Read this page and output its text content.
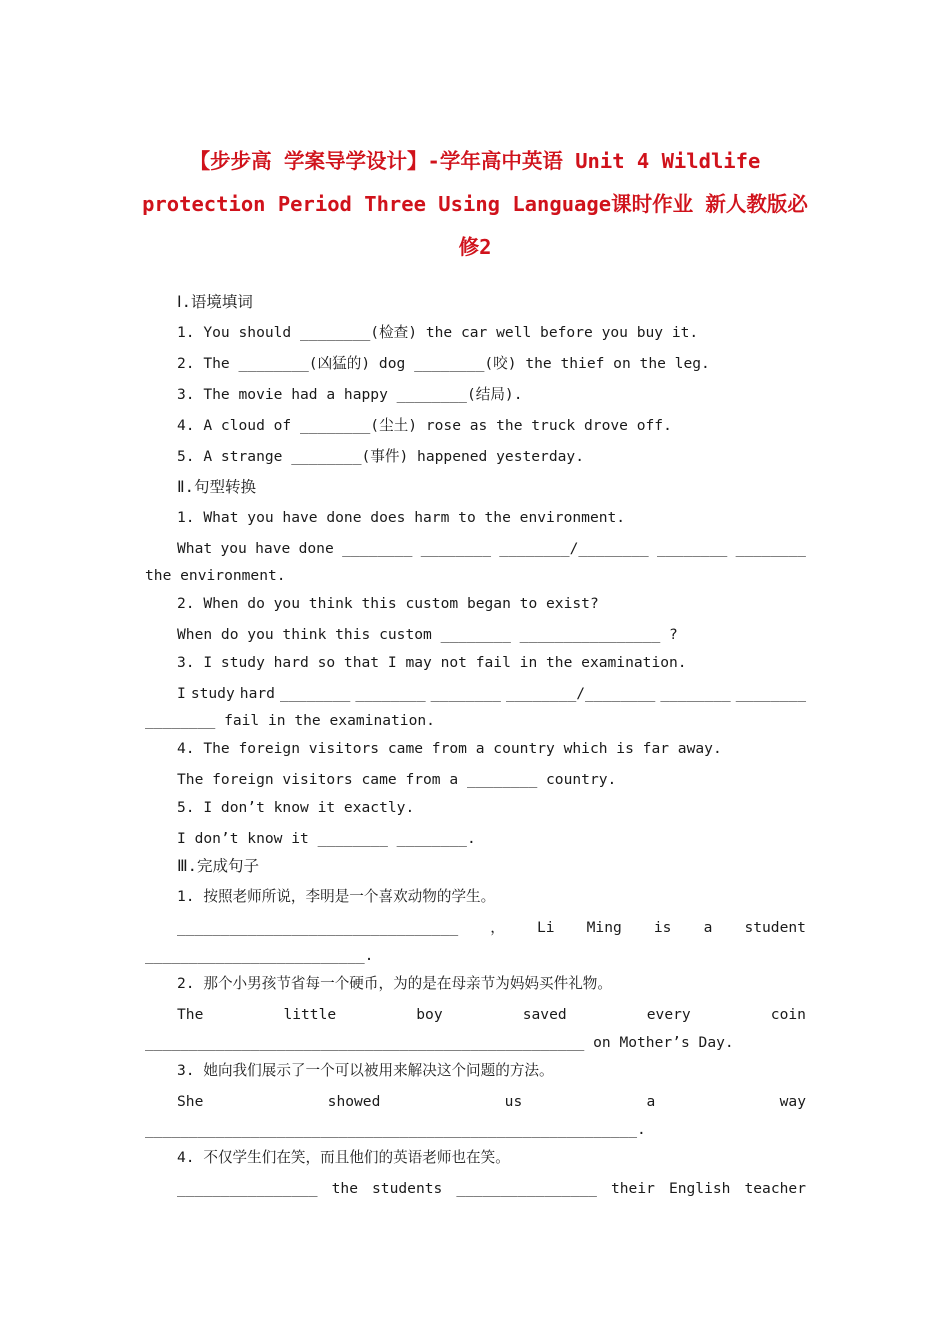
【步步高 学案导学设计】-学年高中英语 Unit 4 Wildlife
protection Period Three Using Language课时作业 新人教版必
修2
Ⅰ.语境填词
1. You should ________(检查) the car well before you buy it.
2. The ________(凶猛的) dog ________(咬) the thief on the leg.
3. The movie had a happy ________(结局).
4. A cloud of ________(尘土) rose as the truck drove off.
5. A strange ________(事件) happened yesterday.
Ⅱ.句型转换
1. What you have done does harm to the environment.
What you have done ________ ________ ________/________ ________ ________
the environment.
2. When do you think this custom began to exist?
When do you think this custom ________ ________________ ?
3. I study hard so that I may not fail in the examination.
I study hard ________ ________ ________ ________/________ ________ ________
________ fail in the examination.
4. The foreign visitors came from a country which is far away.
The foreign visitors came from a ________ country.
5. I don’t know it exactly.
I don’t know it ________ ________.
Ⅲ.完成句子
1. 按照老师所说，李明是一个喜欢动物的学生。
________________________________ ， Li Ming is a student
_________________________.
2. 那个小男孩节省每一个硬币，为的是在母亲节为妈妈买件礼物。
The	little	boy	saved	every	coin
__________________________________________________ on Mother’s Day.
3. 她向我们展示了一个可以被用来解决这个问题的方法。
She	showed	us	a	way
________________________________________________________.
4. 不仅学生们在笑，而且他们的英语老师也在笑。
________________ the students ________________ their English teacher
